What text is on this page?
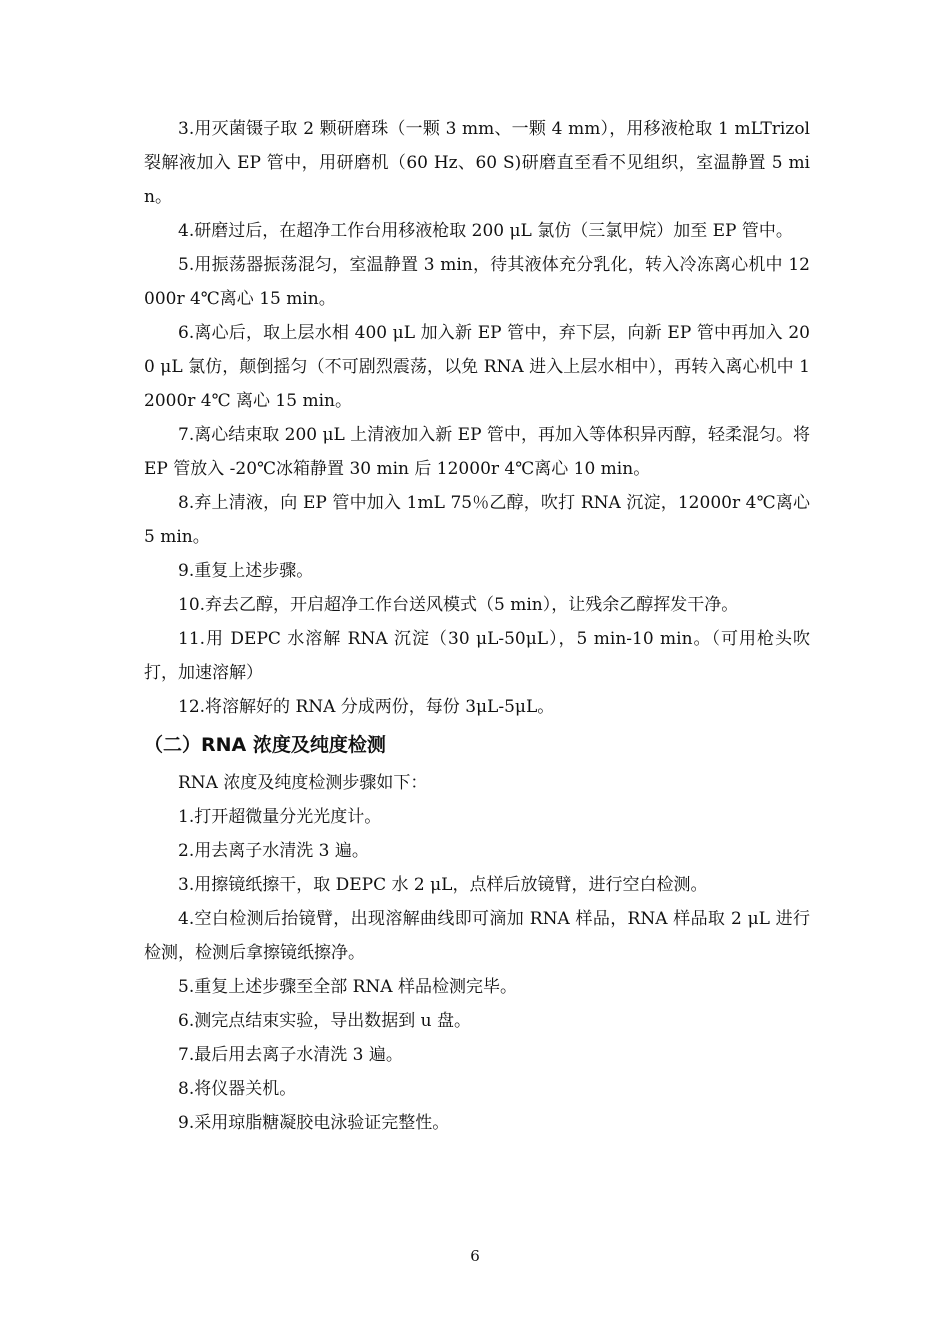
3.用灭菌镊子取 2 颗研磨珠（一颗 3 mm、一颗 4 mm），用移液枪取 1 mLTrizol 裂解液加入 EP 管中，用研磨机（60 Hz、60 S)研磨直至看不见组织，室温静置 5 min。

4.研磨过后，在超净工作台用移液枪取 200 μL 氯仿（三氯甲烷）加至 EP 管中。

5.用振荡器振荡混匀，室温静置 3 min，待其液体充分乳化，转入冷冻离心机中 12000r 4℃离心 15 min。

6.离心后，取上层水相 400 μL 加入新 EP 管中，弃下层，向新 EP 管中再加入 200 μL 氯仿，颠倒摇匀（不可剧烈震荡，以免 RNA 进入上层水相中），再转入离心机中 12000r 4℃ 离心 15 min。

7.离心结束取 200 μL 上清液加入新 EP 管中，再加入等体积异丙醇，轻柔混匀。将 EP 管放入 -20℃冰箱静置 30 min 后 12000r 4℃离心 10 min。

8.弃上清液，向 EP 管中加入 1mL 75％乙醇，吹打 RNA 沉淀，12000r 4℃离心 5 min。

9.重复上述步骤。

10.弃去乙醇，开启超净工作台送风模式（5 min），让残余乙醇挥发干净。

11.用 DEPC 水溶解 RNA 沉淀（30 μL-50μL），5 min-10 min。（可用枪头吹打，加速溶解）

12.将溶解好的 RNA 分成两份，每份 3μL-5μL。

（二）RNA 浓度及纯度检测

RNA 浓度及纯度检测步骤如下：

1.打开超微量分光光度计。

2.用去离子水清洗 3 遍。

3.用擦镜纸擦干，取 DEPC 水 2 μL，点样后放镜臂，进行空白检测。

4.空白检测后抬镜臂，出现溶解曲线即可滴加 RNA 样品，RNA 样品取 2 μL 进行检测，检测后拿擦镜纸擦净。

5.重复上述步骤至全部 RNA 样品检测完毕。

6.测完点结束实验，导出数据到 u 盘。

7.最后用去离子水清洗 3 遍。

8.将仪器关机。

9.采用琼脂糖凝胶电泳验证完整性。

6
